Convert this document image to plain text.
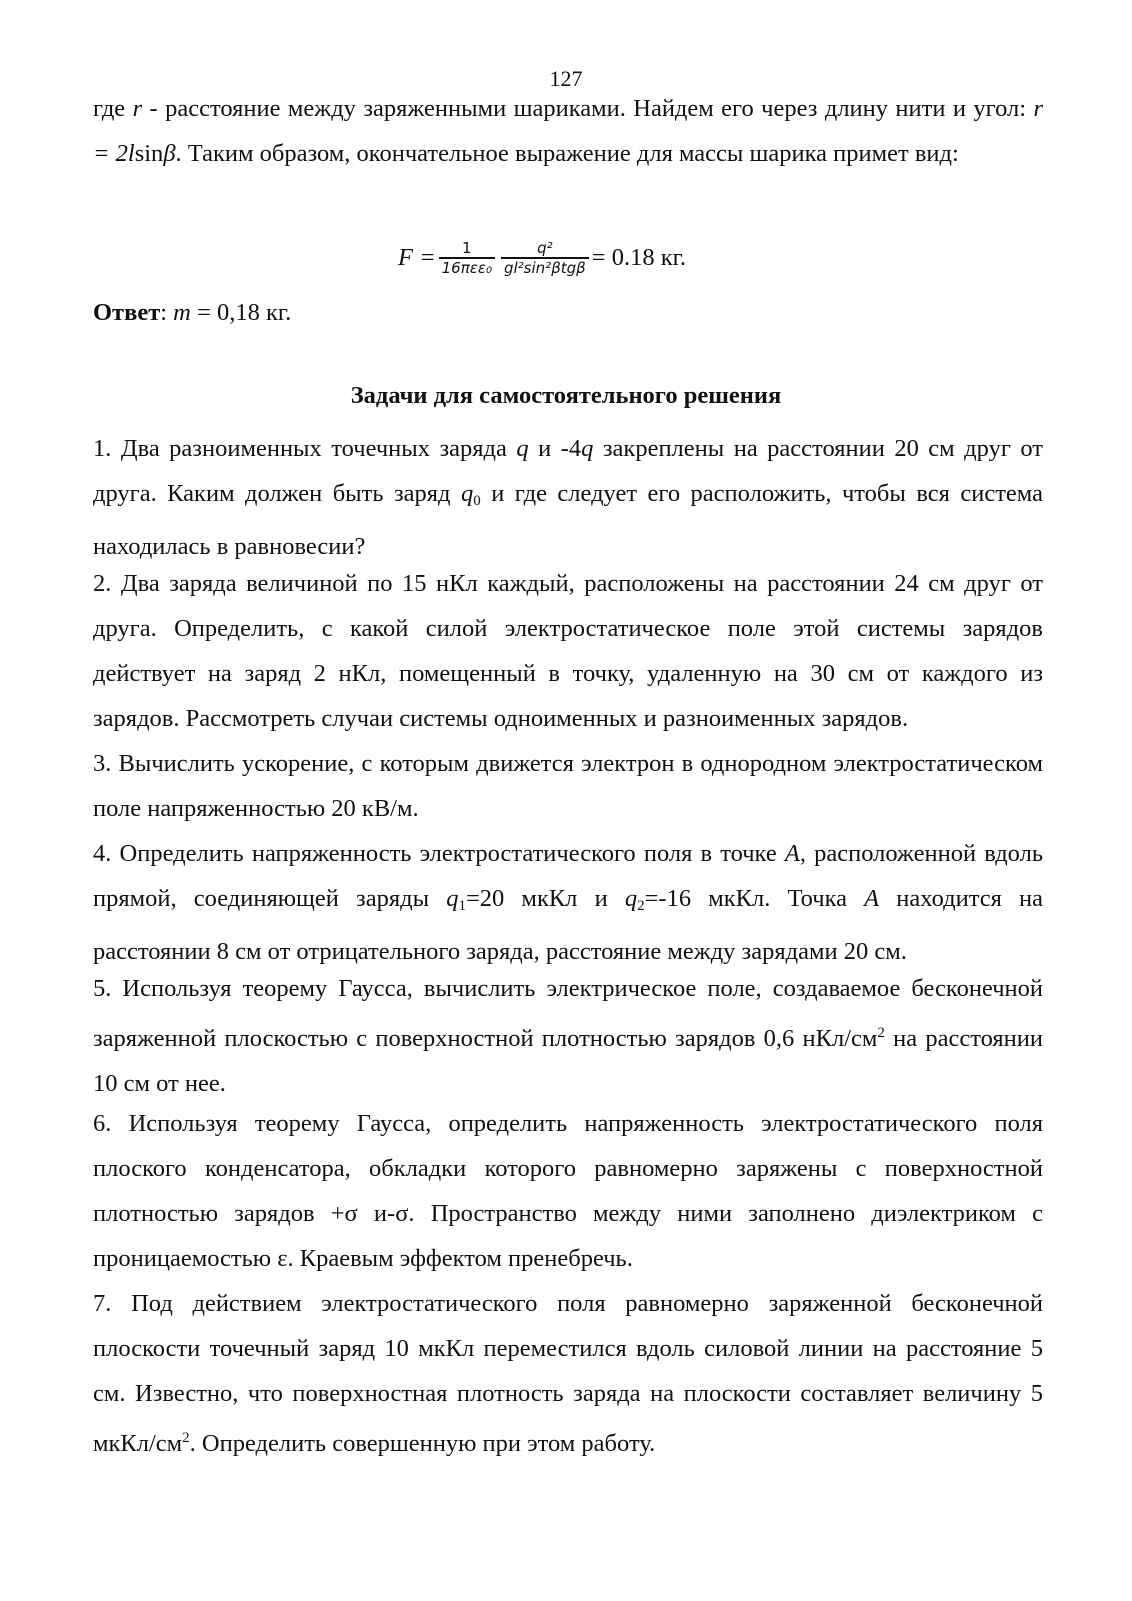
127

где r - расстояние между заряженными шариками. Найдем его через длину нити и угол: r = 2lsinβ. Таким образом, окончательное выражение для массы шарика примет вид:

$F = \frac{1}{\text{16πεε₀}} \frac{\text{q²}}{\text{gl²sin²βtgβ}} = 0.18$ кг.

Ответ: m = 0,18 кг.

Задачи для самостоятельного решения

1. Два разноименных точечных заряда q и -4q закреплены на расстоянии 20 см друг от друга. Каким должен быть заряд $q_0$ и где следует его расположить, чтобы вся система находилась в равновесии?

2. Два заряда величиной по 15 нКл каждый, расположены на расстоянии 24 см друг от друга. Определить, с какой силой электростатическое поле этой системы зарядов действует на заряд 2 нКл, помещенный в точку, удаленную на 30 см от каждого из зарядов. Рассмотреть случаи системы одноименных и разноименных зарядов.

3. Вычислить ускорение, с которым движется электрон в однородном электростатическом поле напряженностью 20 кВ/м.

4. Определить напряженность электростатического поля в точке A, расположенной вдоль прямой, соединяющей заряды $q_1=20$ мкКл и $q_2=-16$ мкКл. Точка A находится на расстоянии 8 см от отрицательного заряда, расстояние между зарядами 20 см.

5. Используя теорему Гаусса, вычислить электрическое поле, создаваемое бесконечной заряженной плоскостью с поверхностной плотностью зарядов 0,6 нКл/$см^2$ на расстоянии 10 см от нее.

6. Используя теорему Гаусса, определить напряженность электростатического поля плоского конденсатора, обкладки которого равномерно заряжены с поверхностной плотностью зарядов +σ и-σ. Пространство между ними заполнено диэлектриком с проницаемостью ε. Краевым эффектом пренебречь.

7. Под действием электростатического поля равномерно заряженной бесконечной плоскости точечный заряд 10 мкКл переместился вдоль силовой линии на расстояние 5 см. Известно, что поверхностная плотность заряда на плоскости составляет величину 5 мкКл/$см^2$. Определить совершенную при этом работу.
